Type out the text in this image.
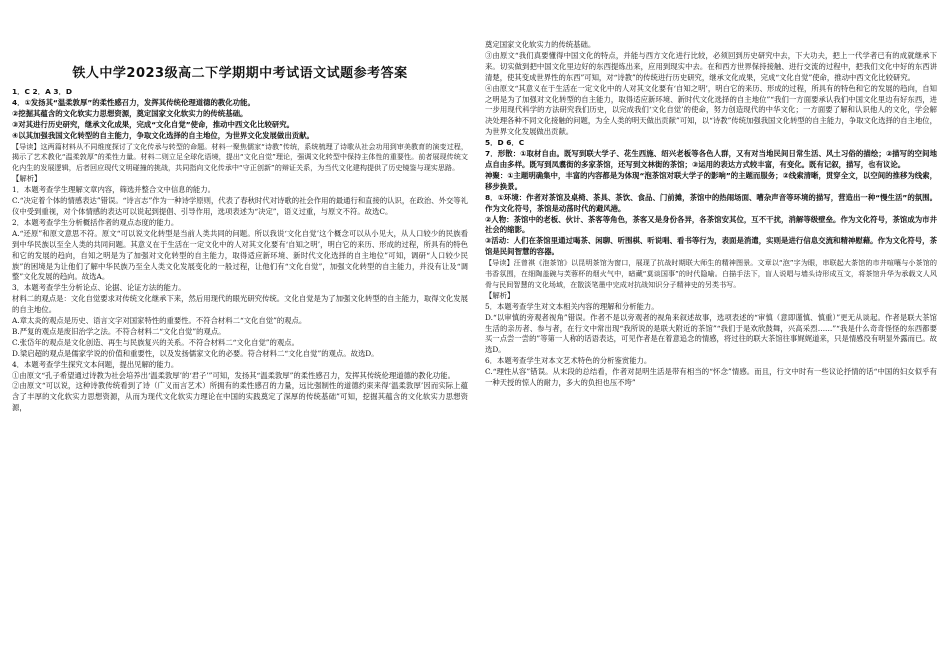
铁人中学2023级高二下学期期中考试语文试题参考答案

1．C 2．A 3．D

4．①发扬其“温柔敦厚”的柔性感召力，发挥其传统伦理道德的教化功能。

②挖掘其蕴含的文化软实力思想资源，奠定国家文化软实力的传统基础。

③对其进行历史研究，继承文化成果，完成“文化自觉”使命，推动中西文化比较研究。

④以其加强我国文化转型的自主能力，争取文化选择的自主地位，为世界文化发展做出贡献。

【导读】这两篇材料从不同维度探讨了文化传承与转型的命题。材料一聚焦儒家“诗教”传统，系统梳理了诗歌从社会功用到审美教育的演变过程，揭示了艺术教化“温柔敦厚”的柔性力量。材料二则立足全球化语境，提出“文化自觉”理论，强调文化转型中保持主体性的重要性。前者展现传统文化内生的发展逻辑，后者回应现代文明碰撞的挑战，共同指向文化传承中“守正创新”的辩证关系，为当代文化建构提供了历史镜鉴与现实思路。

【解析】

1．本题考查学生理解文章内容，筛选并整合文中信息的能力。

C.“决定着个体的情感表达”错误。“诗言志”作为一种诗学原则，代表了春秋时代对诗歌的社会作用的最通行和直接的认识，在政治、外交等礼仪中受到重视，对个体情感的表达可以说起到提倡、引导作用，选项表述为“决定”，语义过重，与原文不符。故选C。

2．本题考查学生分析概括作者的观点态度的能力。

A.“还原”和原文意思不符。原文“可以说文化转型是当前人类共同的问题。所以我说‘文化自觉’这个概念可以从小见大，从人口较少的民族看到中华民族以至全人类的共同问题。其意义在于生活在一定文化中的人对其文化要有‘自知之明’，明白它的来历、形成的过程，所具有的特色和它的发展的趋向，自知之明是为了加强对文化转型的自主能力，取得适应新环境、新时代文化选择的自主地位”可知，调研“人口较少民族”的困境是为让他们了解中华民族乃至全人类文化发展变化的一般过程，让他们有“文化自觉”，加强文化转型的自主能力，并没有让及“调整”文化发展的趋向。故选A。

3．本题考查学生分析论点、论据、论证方法的能力。

材料二的观点是：文化自觉要求对传统文化继承下来，然后用现代的眼光研究传统。文化自觉是为了加强文化转型的自主能力，取得文化发展的自主地位。

A.章太炎的观点是历史、语言文字对国家特性的重要性。不符合材料二“文化自觉”的观点。

B.严复的观点是废旧治学之法。不符合材料二“文化自觉”的观点。

C.张岱年的观点是文化创造、再生与民族复兴的关系。不符合材料二“文化自觉”的观点。

D.梁启超的观点是儒家学说的价值和重要性，以及发扬儒家文化的必要。符合材料二“文化自觉”的观点。故选D。

4．本题考查学生探究文本问题，提出见解的能力。

①由原文“孔子希望通过诗教为社会培养出‘温柔敦厚’的‘君子’”可知，发扬其“温柔敦厚”的柔性感召力，发挥其传统伦理道德的教化功能。

②由原文“可以说，这种诗教传统看到了诗（广义而言艺术）所拥有的柔性感召的力量，远比强制性的道德约束来得‘温柔敦厚’因而实际上蕴含了丰厚的文化软实力思想资源，从而为现代文化软实力理论在中国的实践奠定了深厚的传统基础”可知，挖掘其蕴含的文化软实力思想资源，

奠定国家文化软实力的传统基础。

③由原文“我们真要懂得中国文化的特点，并能与西方文化进行比较，必须回到历史研究中去，下大功夫，把上一代学者已有的成就继承下来。切实做到把中国文化里边好的东西提炼出来，应用到现实中去。在和西方世界保持接触、进行交流的过程中，把我们文化中好的东西讲清楚，使其变成世界性的东西”可知，对“诗教”的传统进行历史研究，继承文化成果，完成“文化自觉”使命，推动中西文化比较研究。

④由原文“其意义在于生活在一定文化中的人对其文化要有‘自知之明’，明白它的来历、形成的过程，所具有的特色和它的发展的趋向，自知之明是为了加强对文化转型的自主能力，取得适应新环境、新时代文化选择的自主地位”“我们一方面要承认我们中国文化里边有好东西，进一步用现代科学的方法研究我们历史，以完成我们‘文化自觉’的使命，努力创造现代的中华文化；一方面要了解和认识他人的文化，学会解决处理各种不同文化接触的问题，为全人类的明天做出贡献”可知，以“诗教”传统加强我国文化转型的自主能力，争取文化选择的自主地位，为世界文化发展做出贡献。

5．D 6．C

7．形散：①取材自由。既写到联大学子、花生西施、绍兴老板等各色人群，又有对当地民间日常生活、风土习俗的描绘；②描写的空间地点自由多样。既写到凤翥街的多家茶馆，还写到文林街的茶馆；③运用的表达方式较丰富，有变化。既有记叙，描写，也有议论。

神聚：①主题明确集中，丰富的内容都是为体现“泡茶馆对联大学子的影响”的主题而服务；②线索清晰，贯穿全文，以空间的推移为线索，移步换景。

8．①环境：作者对茶馆及桌椅、茶具、茶饮、食品、门前摊，茶馆中的热闹场面、嘈杂声音等环境的描写，营造出一种“慢生活”的氛围。作为文化符号，茶馆是动荡时代的避风港。

②人物：茶馆中的老板、伙计、茶客等角色，茶客又是身份各异，各茶馆安其位，互不干扰，消解等级壁垒。作为文化符号，茶馆成为市井社会的缩影。

③活动：人们在茶馆里通过喝茶、闲聊、听围棋、听说唱、看书等行为，表面是消遣，实则是进行信息交流和精神慰藉。作为文化符号，茶馆是民间智慧的容器。

【导读】汪曾祺《泡茶馆》以昆明茶馆为窗口，展现了抗战时期联大师生的精神图景。文章以“泡”字为眼，串联起大茶馆的市井喧嚷与小茶馆的书香氛围，在细陶盖碗与芙蓉杯的烟火气中，暗藏“莫谈国事”的时代隐喻。白描手法下，盲人说唱与墙头诗形成互文，将茶馆升华为承载文人风骨与民间智慧的文化场域，在散淡笔墨中完成对抗战知识分子精神史的另类书写。

【解析】

5．本题考查学生对文本相关内容的理解和分析能力。

D.“以审慎的旁观者视角”错误。作者不是以旁观者的视角来叙述故事，选项表述的“审慎（意即谨慎、慎重）”更无从谈起。作者是联大茶馆生活的亲历者、参与者，在行文中常出现“我所说的是联大附近的茶馆”“我们于是欢欣鼓舞，兴高采烈……”“我是什么奇奇怪怪的东西都要买一点尝一尝的”等第一人称的话语表达，可见作者是在着意追念的情感，将过往的联大茶馆往事娓娓道来，只是情感没有明显外露而已。故选D。

6．本题考查学生对本文艺术特色的分析鉴赏能力。

C.“理性从容”错误。从末段的总结看，作者对昆明生活是带有相当的“怀念”情感。而且，行文中时有一些议论抒情的话“中国的妇女似乎有一种天授的惊人的耐力，多大的负担也压不垮”
